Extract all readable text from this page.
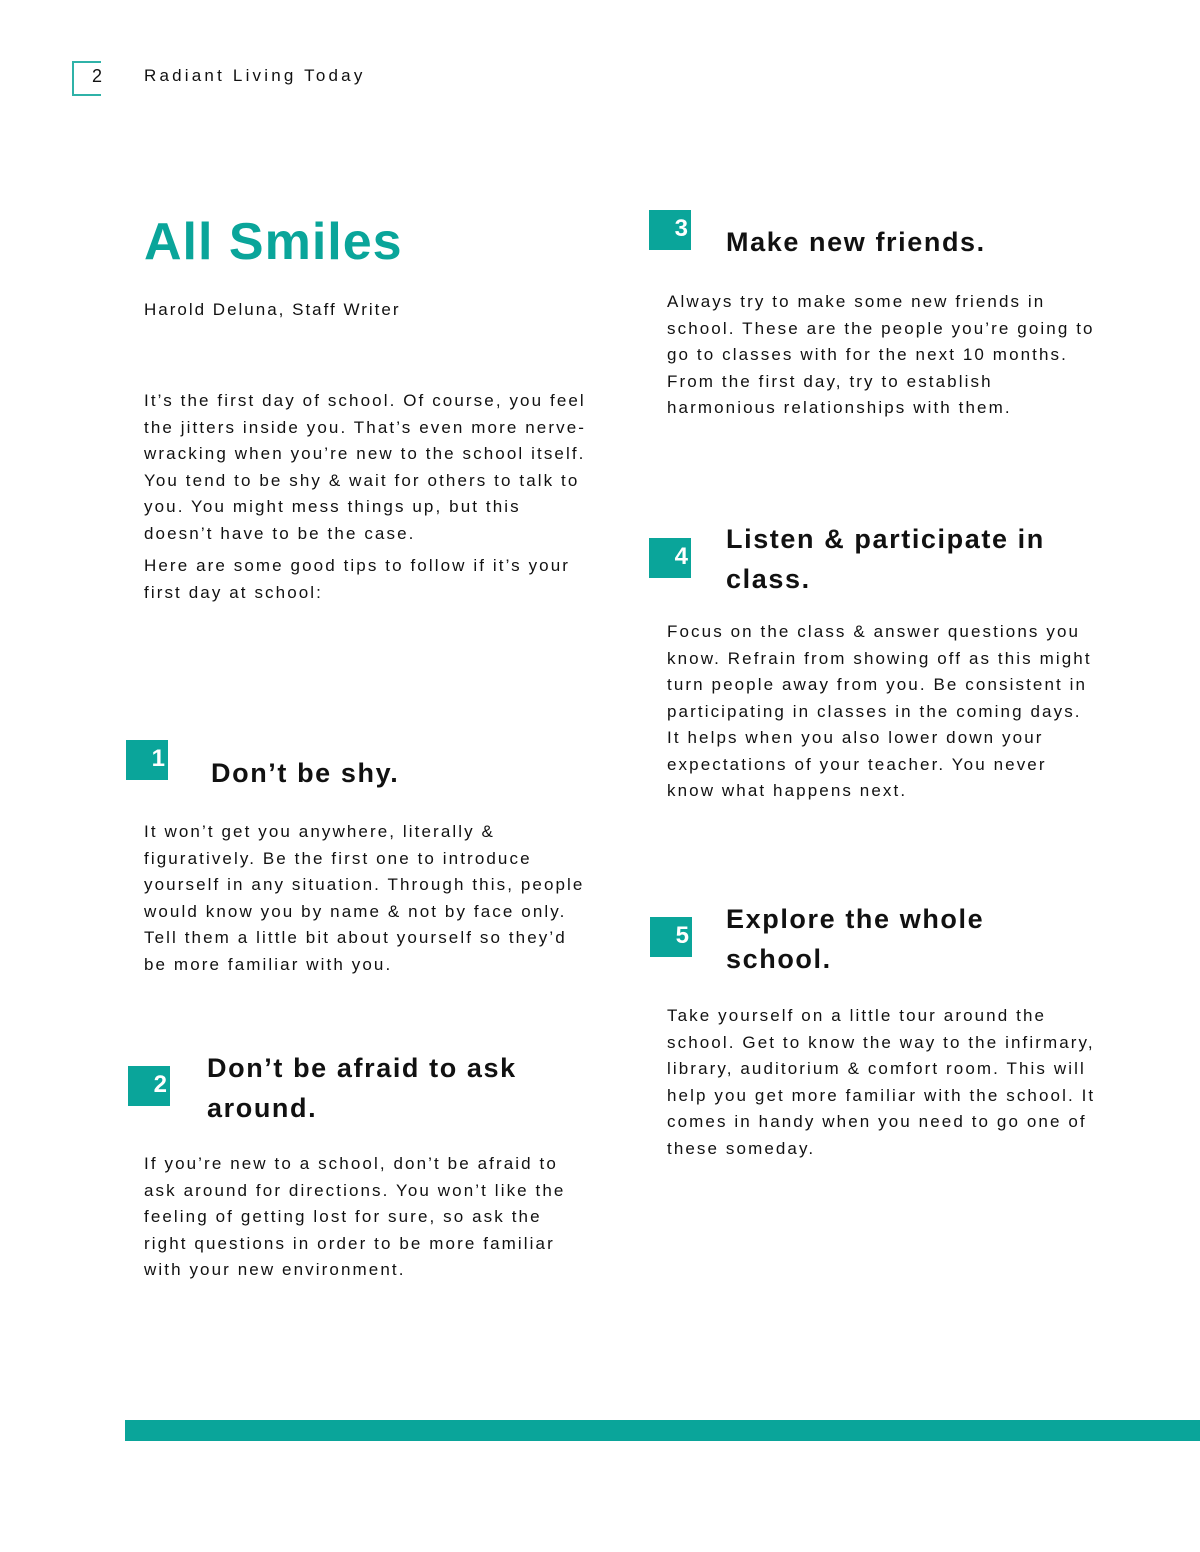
2 Radiant Living Today
All Smiles
Harold Deluna, Staff Writer

It’s the first day of school. Of course, you feel the jitters inside you. That’s even more nerve-wracking when you’re new to the school itself. You tend to be shy & wait for others to talk to you. You might mess things up, but this doesn’t have to be the case.

Here are some good tips to follow if it’s your first day at school:

1 Don’t be shy.
It won’t get you anywhere, literally & figuratively. Be the first one to introduce yourself in any situation. Through this, people would know you by name & not by face only. Tell them a little bit about yourself so they’d be more familiar with you.
2
Don’t be afraid to ask around.
If you’re new to a school, don’t be afraid to ask around for directions. You won’t like the feeling of getting lost for sure, so ask the right questions in order to be more familiar with your new environment.
3 Make new friends.
Always try to make some new friends in school. These are the people you’re going to go to classes with for the next 10 months. From the first day, try to establish harmonious relationships with them.
4
Listen & participate in class.
Focus on the class & answer questions you know. Refrain from showing off as this might turn people away from you. Be consistent in participating in classes in the coming days. It helps when you also lower down your expectations of your teacher. You never know what happens next.
5
Explore the whole school.
Take yourself on a little tour around the school. Get to know the way to the infirmary, library, auditorium & comfort room. This will help you get more familiar with the school. It comes in handy when you need to go one of these someday.
